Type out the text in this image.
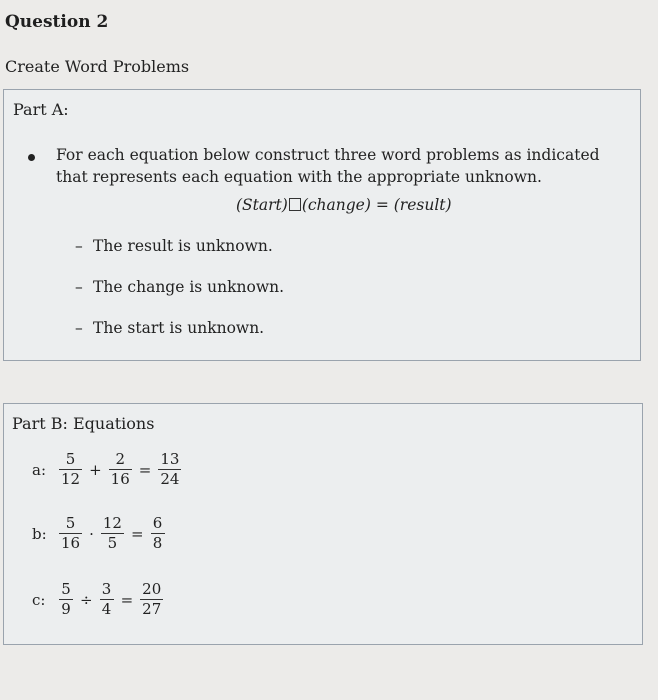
Question 2
Create Word Problems
Part A:
For each equation below construct three word problems as indicated that represents each equation with the appropriate unknown.
(Start) (change) = (result)
– The result is unknown.
– The change is unknown.
– The start is unknown.
Part B: Equations
a: $\frac{5}{12} + \frac{2}{16} = \frac{13}{24}$
b: $\frac{5}{16} \cdot \frac{12}{5} = \frac{6}{8}$
c: $\frac{5}{9} \div \frac{3}{4} = \frac{20}{27}$
